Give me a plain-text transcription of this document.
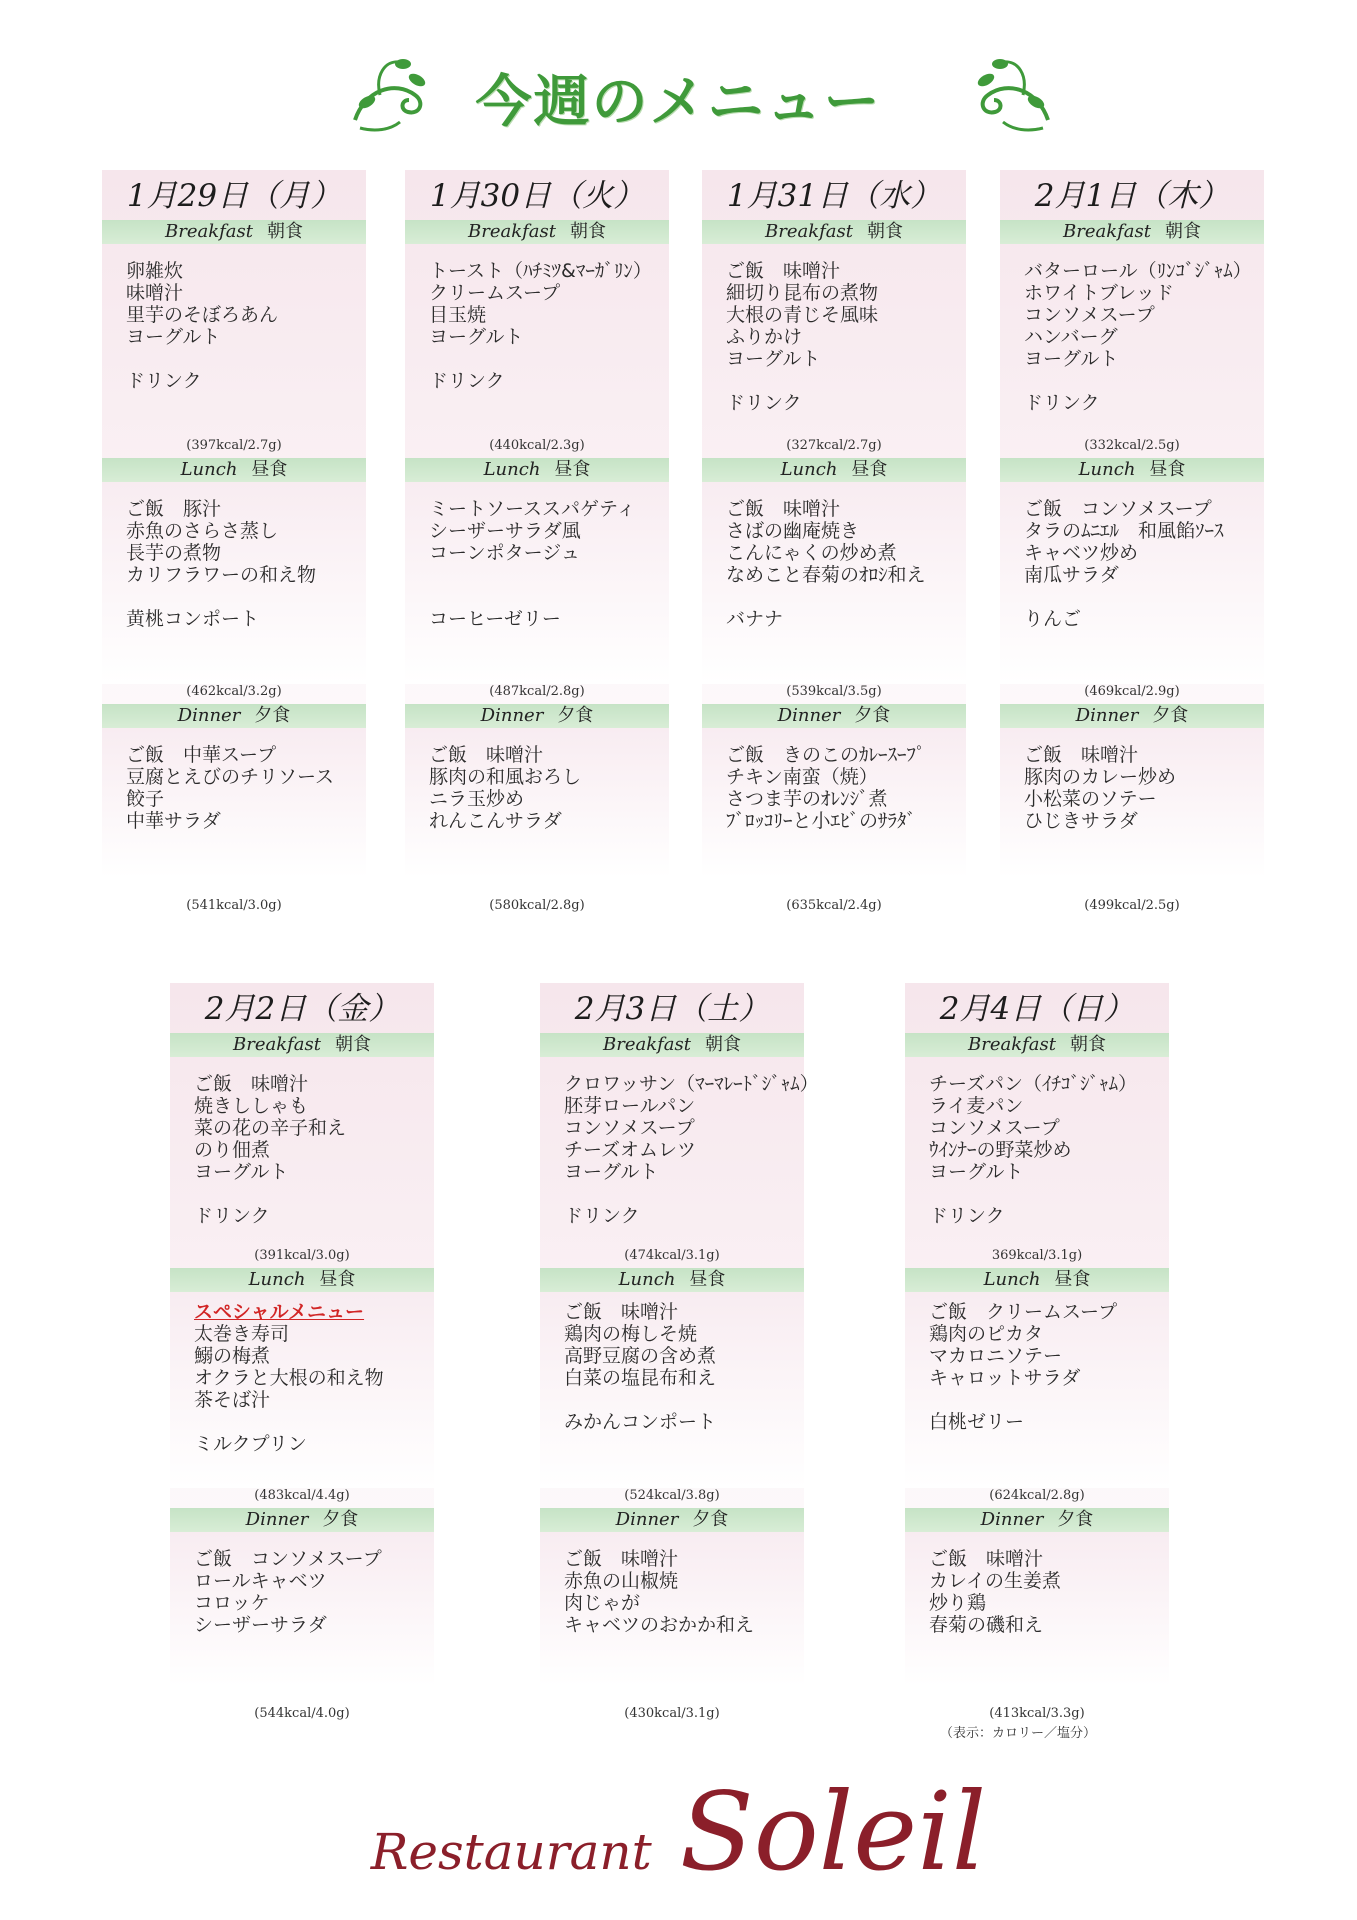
今週のメニュー
1月29日（月）
Breakfast 朝食
卵雑炊
味噌汁
里芋のそぼろあん
ヨーグルト
ドリンク
(397kcal/2.7g)
Lunch 昼食
ご飯　豚汁
赤魚のさらさ蒸し
長芋の煮物
カリフラワーの和え物
黄桃コンポート
(462kcal/3.2g)
Dinner 夕食
ご飯　中華スープ
豆腐とえびのチリソース
餃子
中華サラダ
(541kcal/3.0g)
1月30日（火）
Breakfast 朝食
トースト（ﾊﾁﾐﾂ&ﾏｰｶﾞﾘﾝ）
クリームスープ
目玉焼
ヨーグルト
ドリンク
(440kcal/2.3g)
Lunch 昼食
ミートソーススパゲティ
シーザーサラダ風
コーンポタージュ
コーヒーゼリー
(487kcal/2.8g)
Dinner 夕食
ご飯　味噌汁
豚肉の和風おろし
ニラ玉炒め
れんこんサラダ
(580kcal/2.8g)
1月31日（水）
Breakfast 朝食
ご飯　味噌汁
細切り昆布の煮物
大根の青じそ風味
ふりかけ
ヨーグルト
ドリンク
(327kcal/2.7g)
Lunch 昼食
ご飯　味噌汁
さばの幽庵焼き
こんにゃくの炒め煮
なめこと春菊のｵﾛｼ和え
バナナ
(539kcal/3.5g)
Dinner 夕食
ご飯　きのこのｶﾚｰｽｰﾌﾟ
チキン南蛮（焼）
さつま芋のｵﾚﾝｼﾞ煮
ﾌﾞﾛｯｺﾘｰと小ｴﾋﾞのｻﾗﾀﾞ
(635kcal/2.4g)
2月1日（木）
Breakfast 朝食
バターロール（ﾘﾝｺﾞｼﾞｬﾑ）
ホワイトブレッド
コンソメスープ
ハンバーグ
ヨーグルト
ドリンク
(332kcal/2.5g)
Lunch 昼食
ご飯　コンソメスープ
タラのﾑﾆｴﾙ　和風餡ｿｰｽ
キャベツ炒め
南瓜サラダ
りんご
(469kcal/2.9g)
Dinner 夕食
ご飯　味噌汁
豚肉のカレー炒め
小松菜のソテー
ひじきサラダ
(499kcal/2.5g)
2月2日（金）
Breakfast 朝食
ご飯　味噌汁
焼きししゃも
菜の花の辛子和え
のり佃煮
ヨーグルト
ドリンク
(391kcal/3.0g)
Lunch 昼食
スペシャルメニュー
太巻き寿司
鰯の梅煮
オクラと大根の和え物
茶そば汁
ミルクプリン
(483kcal/4.4g)
Dinner 夕食
ご飯　コンソメスープ
ロールキャベツ
コロッケ
シーザーサラダ
(544kcal/4.0g)
2月3日（土）
Breakfast 朝食
クロワッサン（ﾏｰﾏﾚｰﾄﾞｼﾞｬﾑ）
胚芽ロールパン
コンソメスープ
チーズオムレツ
ヨーグルト
ドリンク
(474kcal/3.1g)
Lunch 昼食
ご飯　味噌汁
鶏肉の梅しそ焼
高野豆腐の含め煮
白菜の塩昆布和え
みかんコンポート
(524kcal/3.8g)
Dinner 夕食
ご飯　味噌汁
赤魚の山椒焼
肉じゃが
キャベツのおかか和え
(430kcal/3.1g)
2月4日（日）
Breakfast 朝食
チーズパン（ｲﾁｺﾞｼﾞｬﾑ）
ライ麦パン
コンソメスープ
ｳｲﾝﾅｰの野菜炒め
ヨーグルト
ドリンク
369kcal/3.1g)
Lunch 昼食
ご飯　クリームスープ
鶏肉のピカタ
マカロニソテー
キャロットサラダ
白桃ゼリー
(624kcal/2.8g)
Dinner 夕食
ご飯　味噌汁
カレイの生姜煮
炒り鶏
春菊の磯和え
(413kcal/3.3g)
（表示：カロリー／塩分）
Restaurant Soleil
